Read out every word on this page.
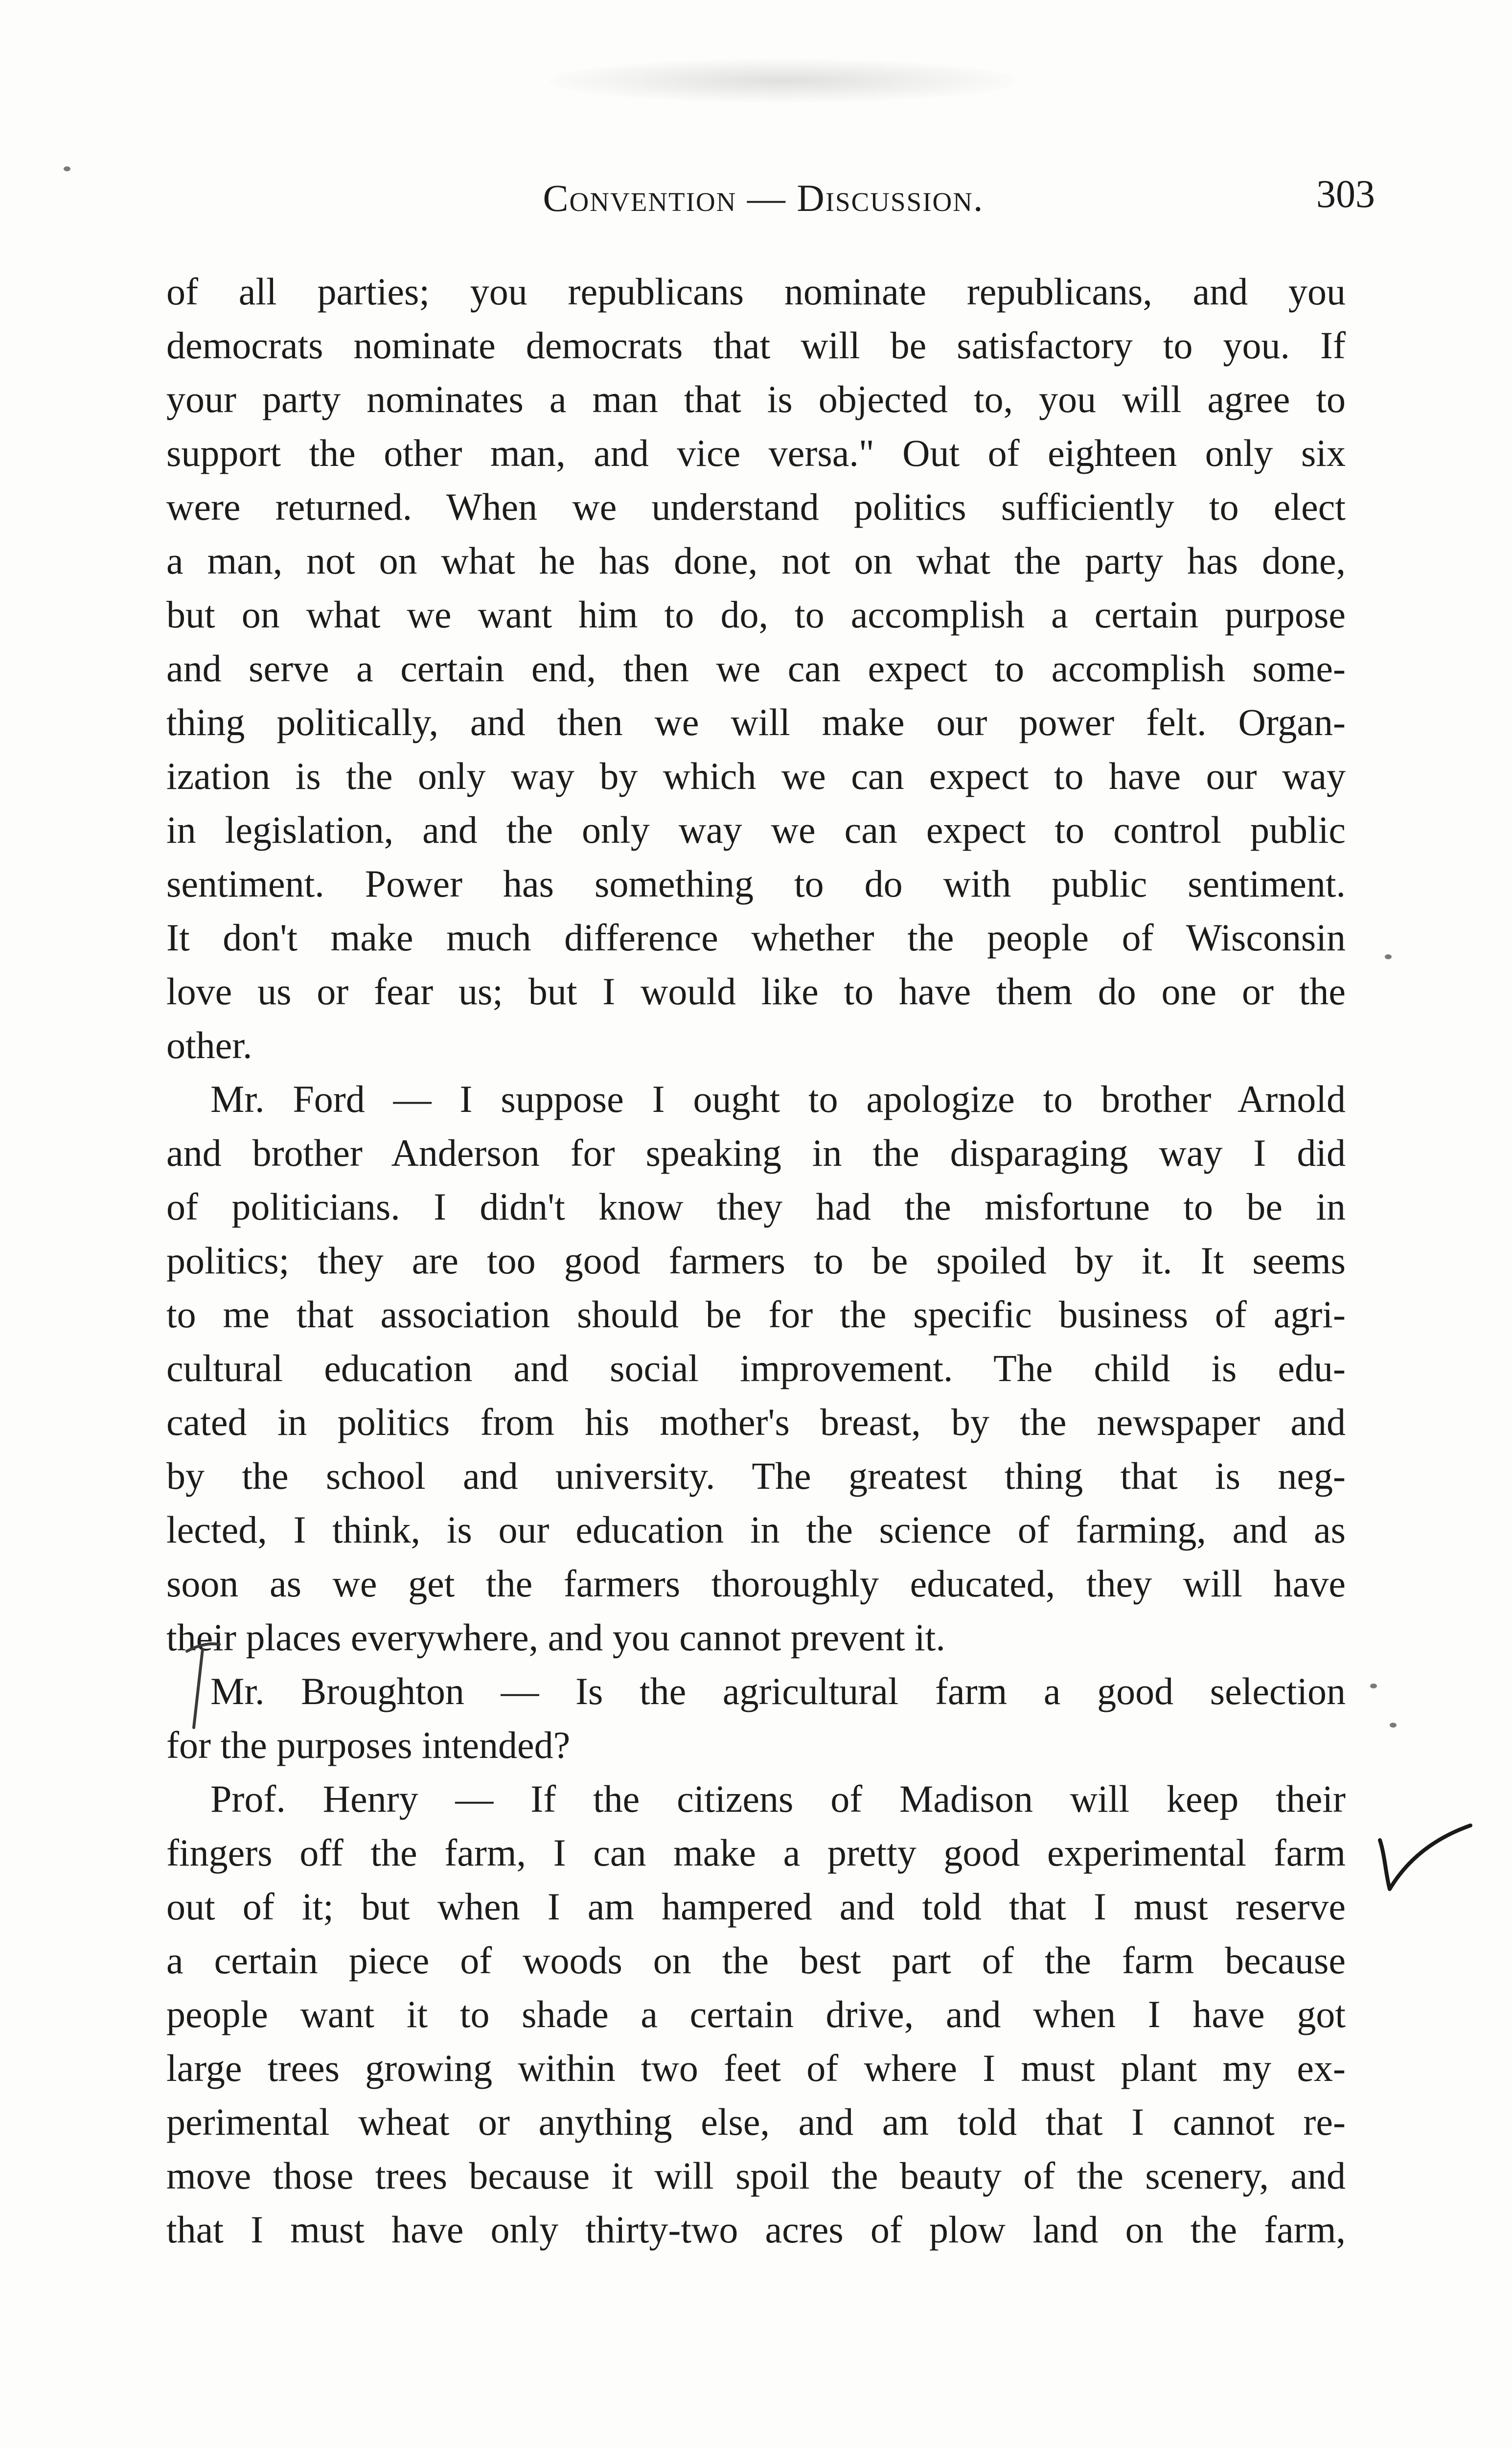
Convention — Discussion.	303
of all parties; you republicans nominate republicans, and you
democrats nominate democrats that will be satisfactory to you. If
your party nominates a man that is objected to, you will agree to
support the other man, and vice versa." Out of eighteen only six
were returned. When we understand politics sufficiently to elect
a man, not on what he has done, not on what the party has done,
but on what we want him to do, to accomplish a certain purpose
and serve a certain end, then we can expect to accomplish some-
thing politically, and then we will make our power felt. Organ-
ization is the only way by which we can expect to have our way
in legislation, and the only way we can expect to control public
sentiment. Power has something to do with public sentiment.
It don't make much difference whether the people of Wisconsin
love us or fear us; but I would like to have them do one or the
other.
Mr. Ford — I suppose I ought to apologize to brother Arnold
and brother Anderson for speaking in the disparaging way I did
of politicians. I didn't know they had the misfortune to be in
politics; they are too good farmers to be spoiled by it. It seems
to me that association should be for the specific business of agri-
cultural education and social improvement. The child is edu-
cated in politics from his mother's breast, by the newspaper and
by the school and university. The greatest thing that is neg-
lected, I think, is our education in the science of farming, and as
soon as we get the farmers thoroughly educated, they will have
their places everywhere, and you cannot prevent it.
Mr. Broughton — Is the agricultural farm a good selection
for the purposes intended?
Prof. Henry — If the citizens of Madison will keep their
fingers off the farm, I can make a pretty good experimental farm
out of it; but when I am hampered and told that I must reserve
a certain piece of woods on the best part of the farm because
people want it to shade a certain drive, and when I have got
large trees growing within two feet of where I must plant my ex-
perimental wheat or anything else, and am told that I cannot re-
move those trees because it will spoil the beauty of the scenery, and
that I must have only thirty-two acres of plow land on the farm,
